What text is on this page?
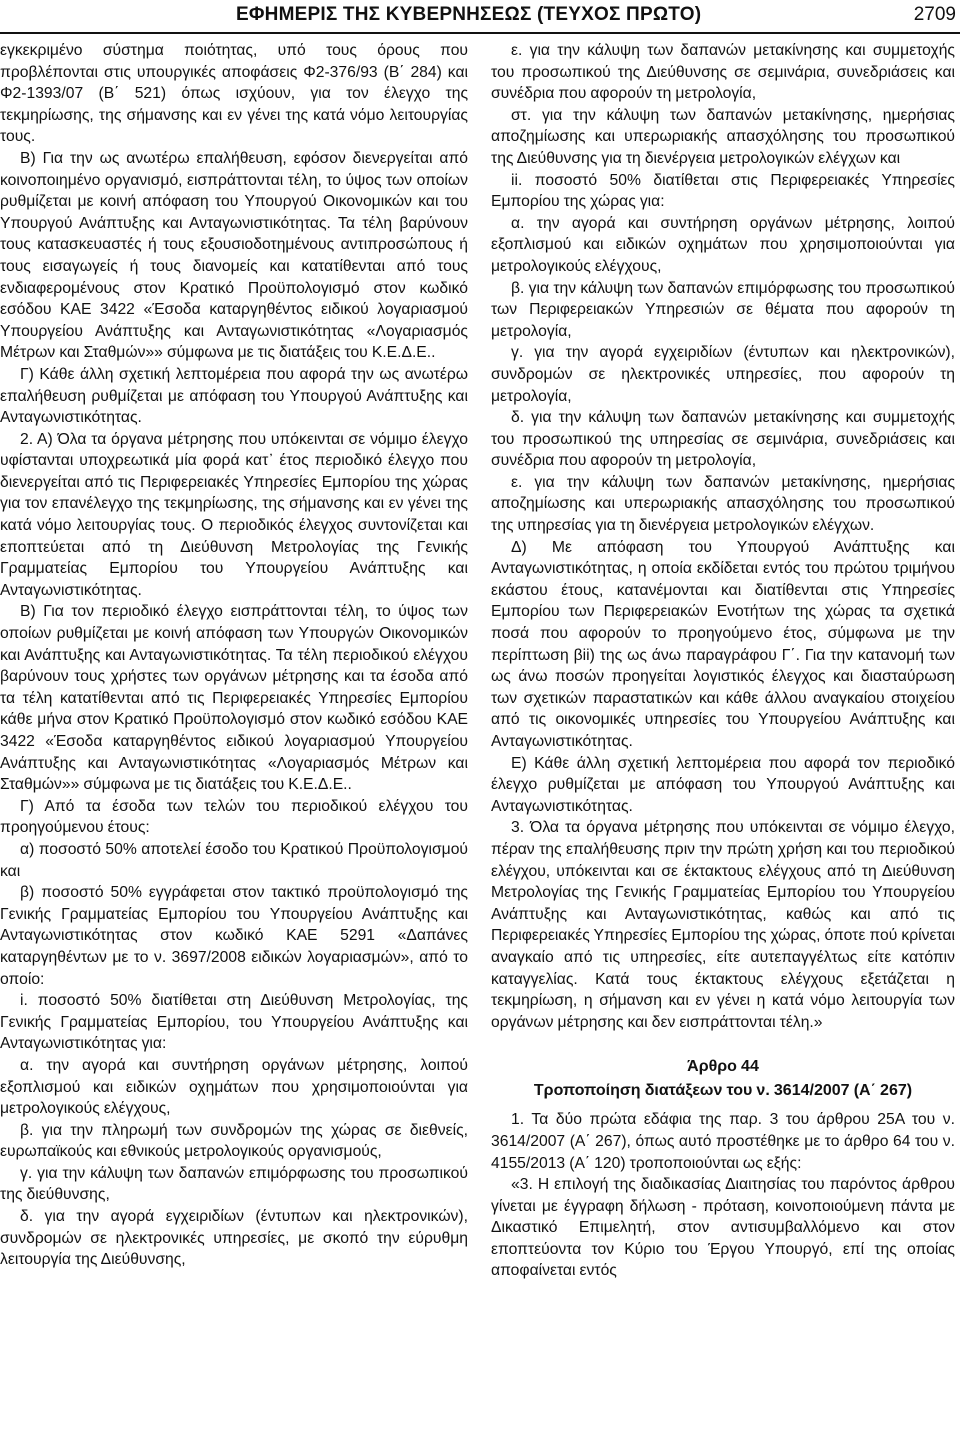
ΕΦΗΜΕΡΙΣ ΤΗΣ ΚΥΒΕΡΝΗΣΕΩΣ (ΤΕΥΧΟΣ ΠΡΩΤΟ)	2709

εγκεκριμένο σύστημα ποιότητας, υπό τους όρους που προβλέπονται στις υπουργικές αποφάσεις Φ2-376/93 (Β΄ 284) και Φ2-1393/07 (Β΄ 521) όπως ισχύουν, για τον έλεγχο της τεκμηρίωσης, της σήμανσης και εν γένει της κατά νόμο λειτουργίας τους.

Β) Για την ως ανωτέρω επαλήθευση, εφόσον διενεργείται από κοινοποιημένο οργανισμό, εισπράττονται τέλη, το ύψος των οποίων ρυθμίζεται με κοινή απόφαση του Υπουργού Οικονομικών και του Υπουργού Ανάπτυξης και Ανταγωνιστικότητας. Τα τέλη βαρύνουν τους κατασκευαστές ή τους εξουσιοδοτημένους αντιπροσώπους ή τους εισαγωγείς ή τους διανομείς και κατατίθενται από τους ενδιαφερομένους στον Κρατικό Προϋπολογισμό στον κωδικό εσόδου ΚΑΕ 3422 «Έσοδα καταργηθέντος ειδικού λογαριασμού Υπουργείου Ανάπτυξης και Ανταγωνιστικότητας «Λογαριασμός Μέτρων και Σταθμών»» σύμφωνα με τις διατάξεις του Κ.Ε.Δ.Ε..

Γ) Κάθε άλλη σχετική λεπτομέρεια που αφορά την ως ανωτέρω επαλήθευση ρυθμίζεται με απόφαση του Υπουργού Ανάπτυξης και Ανταγωνιστικότητας.

2. Α) Όλα τα όργανα μέτρησης που υπόκεινται σε νόμιμο έλεγχο υφίστανται υποχρεωτικά μία φορά κατ᾽ έτος περιοδικό έλεγχο που διενεργείται από τις Περιφερειακές Υπηρεσίες Εμπορίου της χώρας για τον επανέλεγχο της τεκμηρίωσης, της σήμανσης και εν γένει της κατά νόμο λειτουργίας τους. Ο περιοδικός έλεγχος συντονίζεται και εποπτεύεται από τη Διεύθυνση Μετρολογίας της Γενικής Γραμματείας Εμπορίου του Υπουργείου Ανάπτυξης και Ανταγωνιστικότητας.

Β) Για τον περιοδικό έλεγχο εισπράττονται τέλη, το ύψος των οποίων ρυθμίζεται με κοινή απόφαση των Υπουργών Οικονομικών και Ανάπτυξης και Ανταγωνιστικότητας. Τα τέλη περιοδικού ελέγχου βαρύνουν τους χρήστες των οργάνων μέτρησης και τα έσοδα από τα τέλη κατατίθενται από τις Περιφερειακές Υπηρεσίες Εμπορίου κάθε μήνα στον Κρατικό Προϋπολογισμό στον κωδικό εσόδου ΚΑΕ 3422 «Έσοδα καταργηθέντος ειδικού λογαριασμού Υπουργείου Ανάπτυξης και Ανταγωνιστικότητας «Λογαριασμός Μέτρων και Σταθμών»» σύμφωνα με τις διατάξεις του Κ.Ε.Δ.Ε..

Γ) Από τα έσοδα των τελών του περιοδικού ελέγχου του προηγούμενου έτους:

α) ποσοστό 50% αποτελεί έσοδο του Κρατικού Προϋπολογισμού και

β) ποσοστό 50% εγγράφεται στον τακτικό προϋπολογισμό της Γενικής Γραμματείας Εμπορίου του Υπουργείου Ανάπτυξης και Ανταγωνιστικότητας στον κωδικό ΚΑΕ 5291 «Δαπάνες καταργηθέντων με το ν. 3697/2008 ειδικών λογαριασμών», από το οποίο:

i. ποσοστό 50% διατίθεται στη Διεύθυνση Μετρολογίας, της Γενικής Γραμματείας Εμπορίου, του Υπουργείου Ανάπτυξης και Ανταγωνιστικότητας για:

α. την αγορά και συντήρηση οργάνων μέτρησης, λοιπού εξοπλισμού και ειδικών οχημάτων που χρησιμοποιούνται για μετρολογικούς ελέγχους,

β. για την πληρωμή των συνδρομών της χώρας σε διεθνείς, ευρωπαϊκούς και εθνικούς μετρολογικούς οργανισμούς,

γ. για την κάλυψη των δαπανών επιμόρφωσης του προσωπικού της διεύθυνσης,

δ. για την αγορά εγχειριδίων (έντυπων και ηλεκτρονικών), συνδρομών σε ηλεκτρονικές υπηρεσίες, με σκοπό την εύρυθμη λειτουργία της Διεύθυνσης,

ε. για την κάλυψη των δαπανών μετακίνησης και συμμετοχής του προσωπικού της Διεύθυνσης σε σεμινάρια, συνεδριάσεις και συνέδρια που αφορούν τη μετρολογία,

στ. για την κάλυψη των δαπανών μετακίνησης, ημερήσιας αποζημίωσης και υπερωριακής απασχόλησης του προσωπικού της Διεύθυνσης για τη διενέργεια μετρολογικών ελέγχων και

ii. ποσοστό 50% διατίθεται στις Περιφερειακές Υπηρεσίες Εμπορίου της χώρας για:

α. την αγορά και συντήρηση οργάνων μέτρησης, λοιπού εξοπλισμού και ειδικών οχημάτων που χρησιμοποιούνται για μετρολογικούς ελέγχους,

β. για την κάλυψη των δαπανών επιμόρφωσης του προσωπικού των Περιφερειακών Υπηρεσιών σε θέματα που αφορούν τη μετρολογία,

γ. για την αγορά εγχειριδίων (έντυπων και ηλεκτρονικών), συνδρομών σε ηλεκτρονικές υπηρεσίες, που αφορούν τη μετρολογία,

δ. για την κάλυψη των δαπανών μετακίνησης και συμμετοχής του προσωπικού της υπηρεσίας σε σεμινάρια, συνεδριάσεις και συνέδρια που αφορούν τη μετρολογία,

ε. για την κάλυψη των δαπανών μετακίνησης, ημερήσιας αποζημίωσης και υπερωριακής απασχόλησης του προσωπικού της υπηρεσίας για τη διενέργεια μετρολογικών ελέγχων.

Δ) Με απόφαση του Υπουργού Ανάπτυξης και Ανταγωνιστικότητας, η οποία εκδίδεται εντός του πρώτου τριμήνου εκάστου έτους, κατανέμονται και διατίθενται στις Υπηρεσίες Εμπορίου των Περιφερειακών Ενοτήτων της χώρας τα σχετικά ποσά που αφορούν το προηγούμενο έτος, σύμφωνα με την περίπτωση βii) της ως άνω παραγράφου Γ΄. Για την κατανομή των ως άνω ποσών προηγείται λογιστικός έλεγχος και διασταύρωση των σχετικών παραστατικών και κάθε άλλου αναγκαίου στοιχείου από τις οικονομικές υπηρεσίες του Υπουργείου Ανάπτυξης και Ανταγωνιστικότητας.

Ε) Κάθε άλλη σχετική λεπτομέρεια που αφορά τον περιοδικό έλεγχο ρυθμίζεται με απόφαση του Υπουργού Ανάπτυξης και Ανταγωνιστικότητας.

3. Όλα τα όργανα μέτρησης που υπόκεινται σε νόμιμο έλεγχο, πέραν της επαλήθευσης πριν την πρώτη χρήση και του περιοδικού ελέγχου, υπόκεινται και σε έκτακτους ελέγχους από τη Διεύθυνση Μετρολογίας της Γενικής Γραμματείας Εμπορίου του Υπουργείου Ανάπτυξης και Ανταγωνιστικότητας, καθώς και από τις Περιφερειακές Υπηρεσίες Εμπορίου της χώρας, όποτε πού κρίνεται αναγκαίο από τις υπηρεσίες, είτε αυτεπαγγέλτως είτε κατόπιν καταγγελίας. Κατά τους έκτακτους ελέγχους εξετάζεται η τεκμηρίωση, η σήμανση και εν γένει η κατά νόμο λειτουργία των οργάνων μέτρησης και δεν εισπράττονται τέλη.»

Άρθρο 44

Τροποποίηση διατάξεων του ν. 3614/2007 (Α΄ 267)

1. Τα δύο πρώτα εδάφια της παρ. 3 του άρθρου 25Α του ν. 3614/2007 (Α΄ 267), όπως αυτό προστέθηκε με το άρθρο 64 του ν. 4155/2013 (Α΄ 120) τροποποιούνται ως εξής:

«3. Η επιλογή της διαδικασίας Διαιτησίας του παρόντος άρθρου γίνεται με έγγραφη δήλωση - πρόταση, κοινοποιούμενη πάντα με Δικαστικό Επιμελητή, στον αντισυμβαλλόμενο και στον εποπτεύοντα τον Κύριο του Έργου Υπουργό, επί της οποίας αποφαίνεται εντός
